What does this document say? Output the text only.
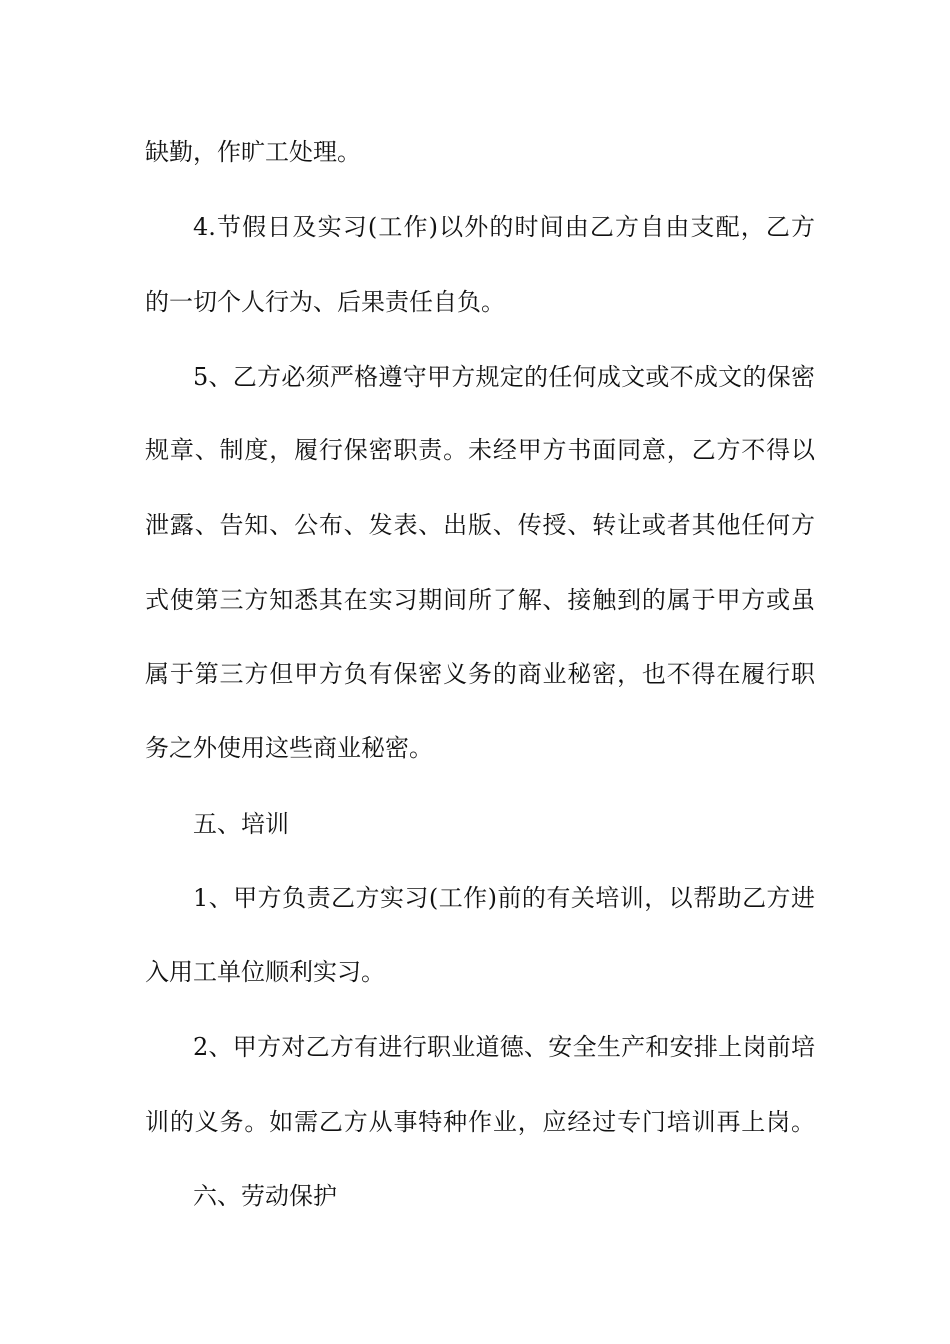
缺勤，作旷工处理。
4.节假日及实习(工作)以外的时间由乙方自由支配，乙方
的一切个人行为、后果责任自负。
5、乙方必须严格遵守甲方规定的任何成文或不成文的保密
规章、制度，履行保密职责。未经甲方书面同意，乙方不得以
泄露、告知、公布、发表、出版、传授、转让或者其他任何方
式使第三方知悉其在实习期间所了解、接触到的属于甲方或虽
属于第三方但甲方负有保密义务的商业秘密，也不得在履行职
务之外使用这些商业秘密。
五、培训
1、甲方负责乙方实习(工作)前的有关培训，以帮助乙方进
入用工单位顺利实习。
2、甲方对乙方有进行职业道德、安全生产和安排上岗前培
训的义务。如需乙方从事特种作业，应经过专门培训再上岗。
六、劳动保护
